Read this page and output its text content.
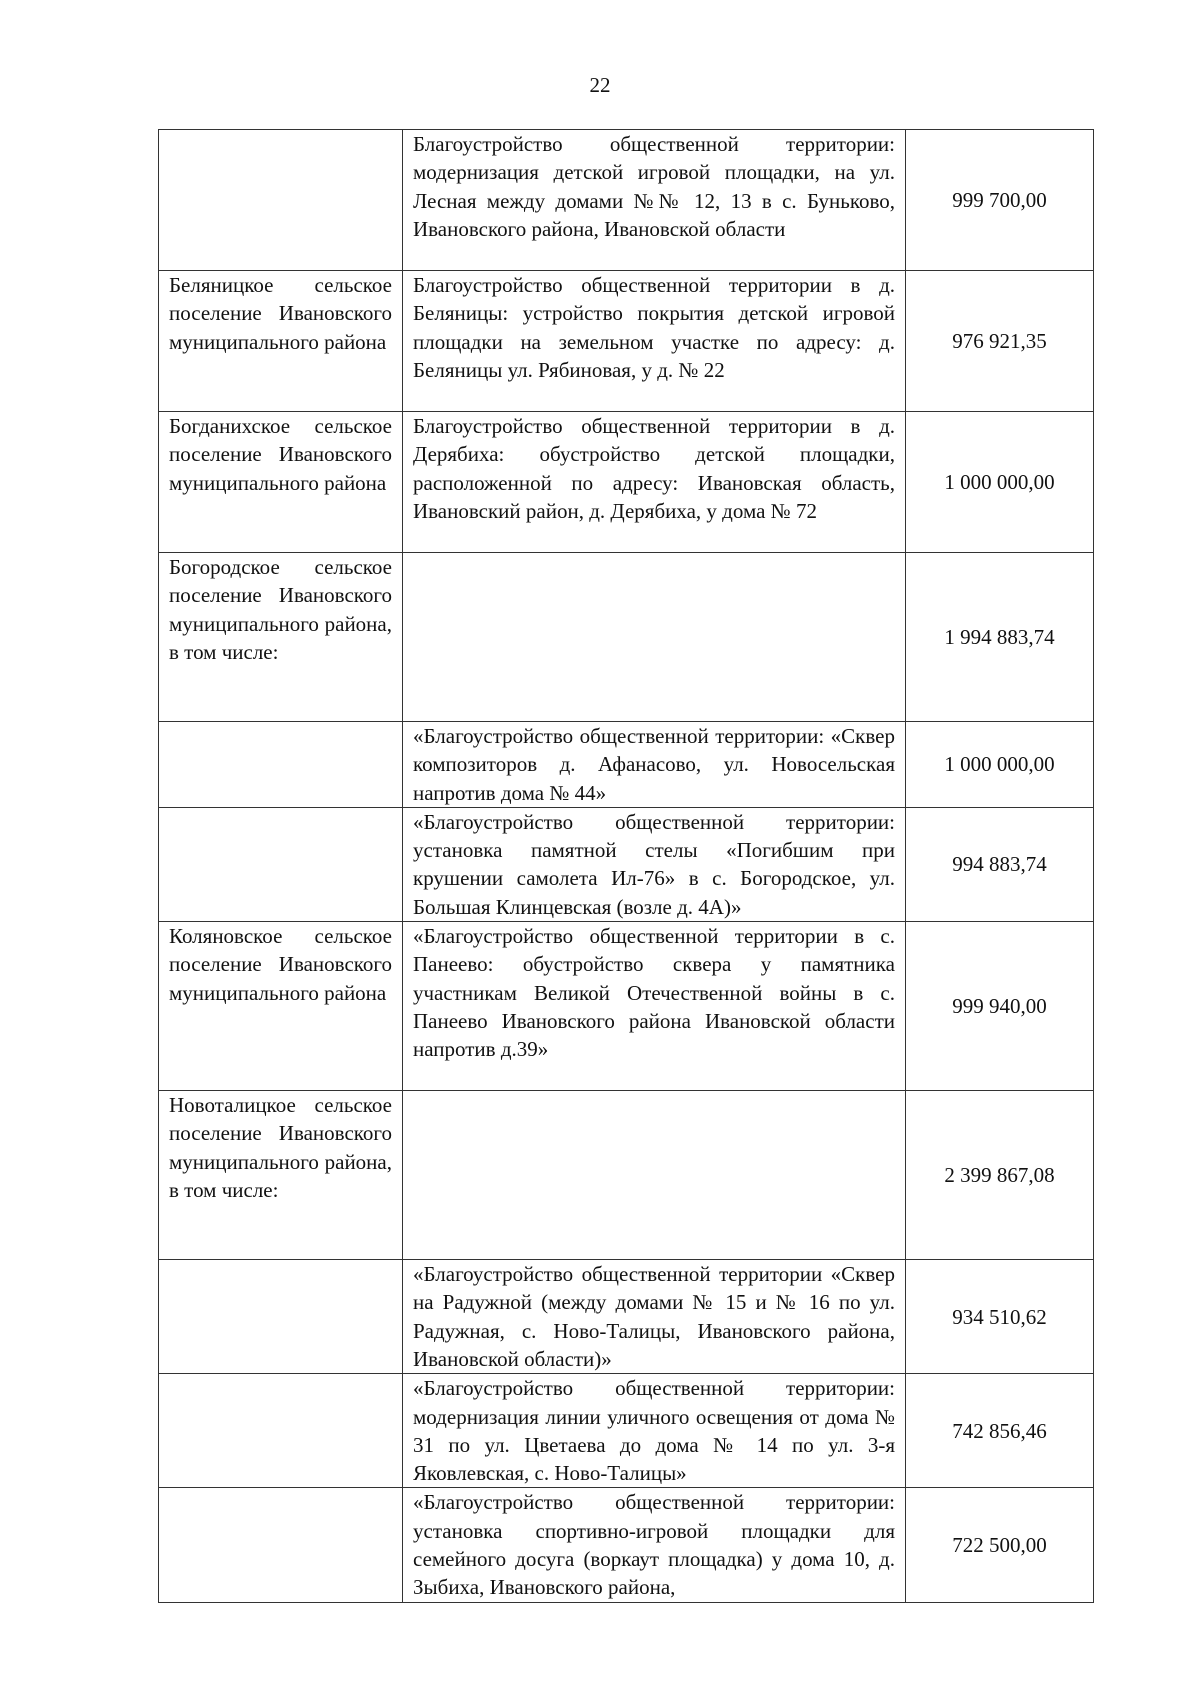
22

	Благоустройство общественной территории: модернизация детской игровой площадки, на ул. Лесная между домами №№ 12, 13 в с. Буньково, Ивановского района, Ивановской области	999 700,00

Беляницкое сельское поселение Ивановского муниципального района	Благоустройство общественной территории в д. Беляницы: устройство покрытия детской игровой площадки на земельном участке по адресу: д. Беляницы ул. Рябиновая, у д. № 22	976 921,35

Богданихское сельское поселение Ивановского муниципального района	Благоустройство общественной территории в д. Дерябиха: обустройство детской площадки, расположенной по адресу: Ивановская область, Ивановский район, д. Дерябиха, у дома № 72	1 000 000,00

Богородское сельское поселение Ивановского муниципального района, в том числе:		1 994 883,74

	«Благоустройство общественной территории: «Сквер композиторов д. Афанасово, ул. Новосельская напротив дома № 44»	1 000 000,00

	«Благоустройство общественной территории: установка памятной стелы «Погибшим при крушении самолета Ил-76» в с. Богородское, ул. Большая Клинцевская (возле д. 4А)»	994 883,74

Коляновское сельское поселение Ивановского муниципального района	«Благоустройство общественной территории в с. Панеево: обустройство сквера у памятника участникам Великой Отечественной войны в с. Панеево Ивановского района Ивановской области напротив д.39»	999 940,00

Новоталицкое сельское поселение Ивановского муниципального района, в том числе:		2 399 867,08

	«Благоустройство общественной территории «Сквер на Радужной (между домами № 15 и № 16 по ул. Радужная, с. Ново-Талицы, Ивановского района, Ивановской области)»	934 510,62

	«Благоустройство общественной территории: модернизация линии уличного освещения от дома № 31 по ул. Цветаева до дома № 14 по ул. 3-я Яковлевская, с. Ново-Талицы»	742 856,46

	«Благоустройство общественной территории: установка спортивно-игровой площадки для семейного досуга (воркаут площадка) у дома 10, д. Зыбиха, Ивановского района,	722 500,00
